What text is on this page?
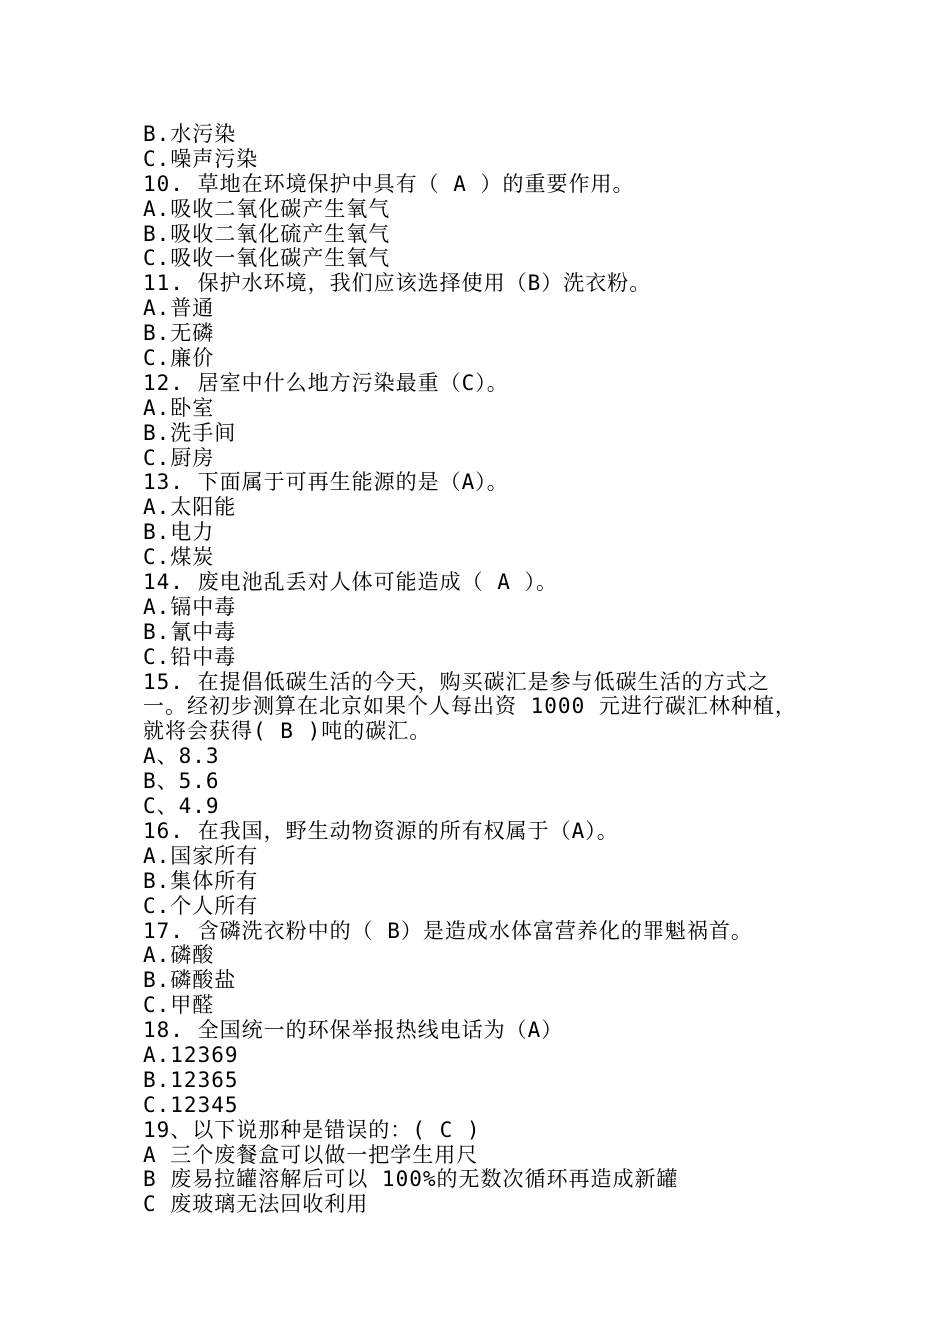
B.水污染
C.噪声污染
10. 草地在环境保护中具有（ A ）的重要作用。
A.吸收二氧化碳产生氧气
B.吸收二氧化硫产生氧气
C.吸收一氧化碳产生氧气
11. 保护水环境，我们应该选择使用（B）洗衣粉。
A.普通
B.无磷
C.廉价
12. 居室中什么地方污染最重（C）。
A.卧室
B.洗手间
C.厨房
13. 下面属于可再生能源的是（A）。
A.太阳能
B.电力
C.煤炭
14. 废电池乱丢对人体可能造成（ A ）。
A.镉中毒
B.氰中毒
C.铅中毒
15. 在提倡低碳生活的今天，购买碳汇是参与低碳生活的方式之
一。经初步测算在北京如果个人每出资 1000 元进行碳汇林种植，
就将会获得( B )吨的碳汇。
A、8.3
B、5.6
C、4.9
16. 在我国，野生动物资源的所有权属于（A）。
A.国家所有
B.集体所有
C.个人所有
17. 含磷洗衣粉中的（ B）是造成水体富营养化的罪魁祸首。
A.磷酸
B.磷酸盐
C.甲醛
18. 全国统一的环保举报热线电话为（A）
A.12369
B.12365
C.12345
19、以下说那种是错误的：( C )
A 三个废餐盒可以做一把学生用尺
B 废易拉罐溶解后可以 100%的无数次循环再造成新罐
C 废玻璃无法回收利用
